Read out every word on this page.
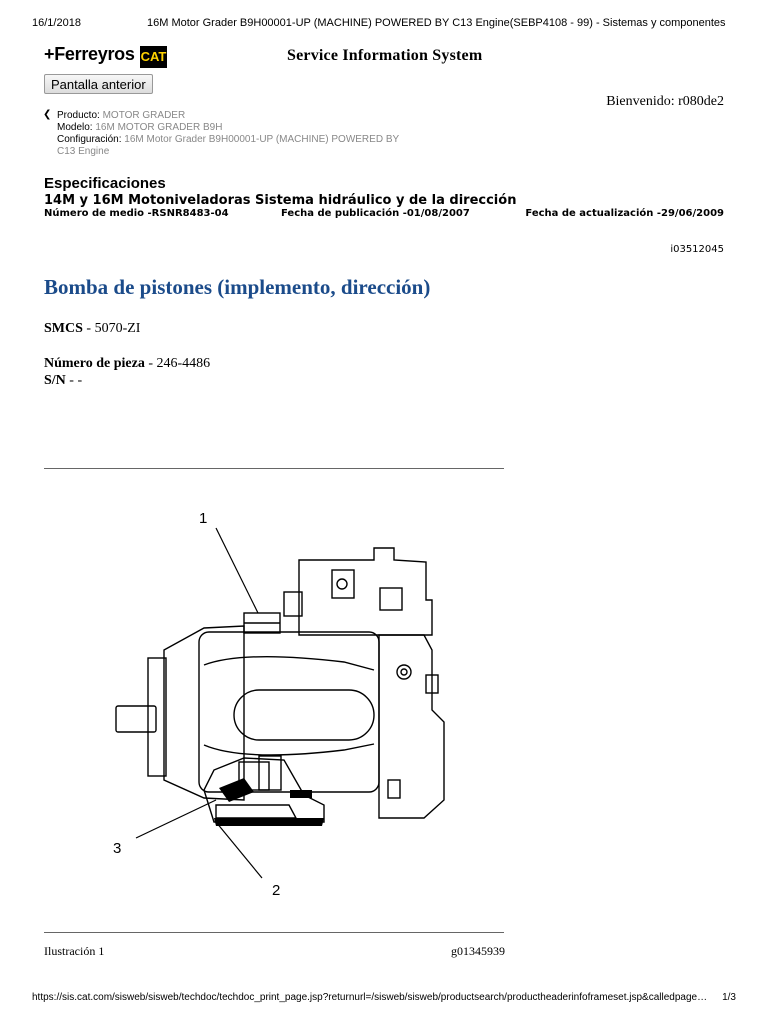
16/1/2018	16M Motor Grader B9H00001-UP (MACHINE) POWERED BY C13 Engine(SEBP4108 - 99) - Sistemas y componentes
+Ferreyros CAT	Service Information System
Pantalla anterior
Bienvenido: r080de2
❮ Producto: MOTOR GRADER
Modelo: 16M MOTOR GRADER B9H
Configuración: 16M Motor Grader B9H00001-UP (MACHINE) POWERED BY
C13 Engine
Especificaciones
14M y 16M Motoniveladoras Sistema hidráulico y de la dirección
Número de medio -RSNR8483-04	Fecha de publicación -01/08/2007	Fecha de actualización -29/06/2009
i03512045
Bomba de pistones (implemento, dirección)
SMCS - 5070-ZI
Número de pieza - 246-4486
S/N - -
1
2
3
Ilustración 1	g01345939
https://sis.cat.com/sisweb/sisweb/techdoc/techdoc_print_page.jsp?returnurl=/sisweb/sisweb/productsearch/productheaderinfoframeset.jsp&calledpage… 1/3
